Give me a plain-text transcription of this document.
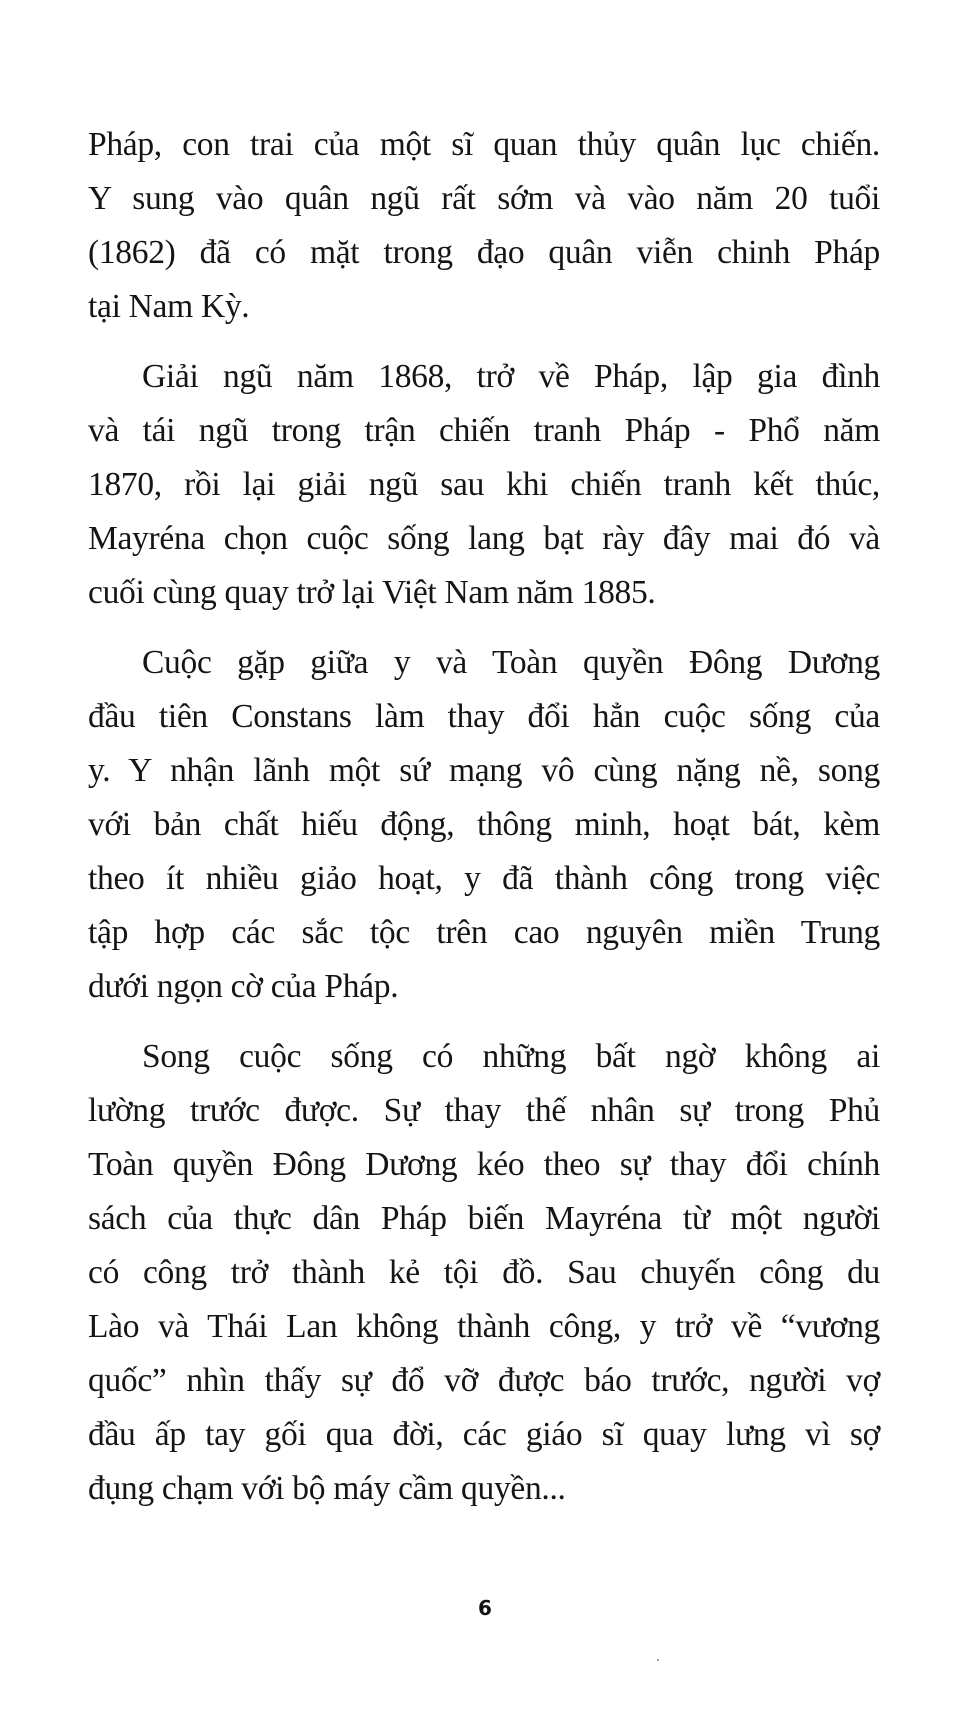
Pháp, con trai của một sĩ quan thủy quân lục chiến.
Y sung vào quân ngũ rất sớm và vào năm 20 tuổi
(1862) đã có mặt trong đạo quân viễn chinh Pháp
tại Nam Kỳ.
Giải ngũ năm 1868, trở về Pháp, lập gia đình
và tái ngũ trong trận chiến tranh Pháp - Phổ năm
1870, rồi lại giải ngũ sau khi chiến tranh kết thúc,
Mayréna chọn cuộc sống lang bạt rày đây mai đó và
cuối cùng quay trở lại Việt Nam năm 1885.
Cuộc gặp giữa y và Toàn quyền Đông Dương
đầu tiên Constans làm thay đổi hẳn cuộc sống của
y. Y nhận lãnh một sứ mạng vô cùng nặng nề, song
với bản chất hiếu động, thông minh, hoạt bát, kèm
theo ít nhiều giảo hoạt, y đã thành công trong việc
tập hợp các sắc tộc trên cao nguyên miền Trung
dưới ngọn cờ của Pháp.
Song cuộc sống có những bất ngờ không ai
lường trước được. Sự thay thế nhân sự trong Phủ
Toàn quyền Đông Dương kéo theo sự thay đổi chính
sách của thực dân Pháp biến Mayréna từ một người
có công trở thành kẻ tội đồ. Sau chuyến công du
Lào và Thái Lan không thành công, y trở về “vương
quốc” nhìn thấy sự đổ vỡ được báo trước, người vợ
đầu ấp tay gối qua đời, các giáo sĩ quay lưng vì sợ
đụng chạm với bộ máy cầm quyền...
6
